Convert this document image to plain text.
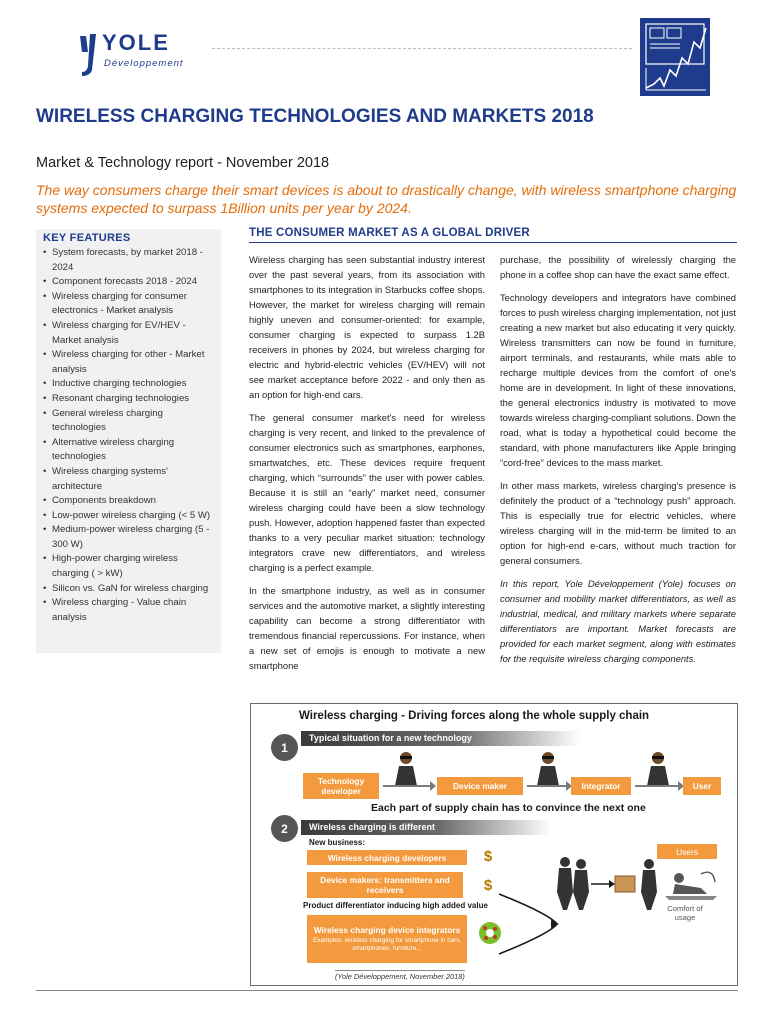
YOLE
Développement
WIRELESS CHARGING TECHNOLOGIES AND MARKETS 2018
Market & Technology report - November 2018
The way consumers charge their smart devices is about to drastically change, with wireless smartphone charging systems expected to surpass 1Billion units per year by 2024.
KEY FEATURES
• System forecasts, by market 2018 - 2024
• Component forecasts 2018 - 2024
• Wireless charging for consumer electronics - Market analysis
• Wireless charging for EV/HEV - Market analysis
• Wireless charging for other - Market analysis
• Inductive charging technologies
• Resonant charging technologies
• General wireless charging technologies
• Alternative wireless charging technologies
• Wireless charging systems' architecture
• Components breakdown
• Low-power wireless charging (< 5 W)
• Medium-power wireless charging (5 - 300 W)
• High-power charging wireless charging ( > kW)
• Silicon vs. GaN for wireless charging
• Wireless charging - Value chain analysis
THE CONSUMER MARKET AS A GLOBAL DRIVER

Wireless charging has seen substantial industry interest over the past several years, from its association with smartphones to its integration in Starbucks coffee shops. However, the market for wireless charging will remain highly uneven and consumer-oriented: for example, consumer charging is expected to surpass 1.2B receivers in phones by 2024, but wireless charging for electric and hybrid-electric vehicles (EV/HEV) will not see market acceptance before 2022 - and only then as an option for high-end cars.

The general consumer market's need for wireless charging is very recent, and linked to the prevalence of consumer electronics such as smartphones, earphones, smartwatches, etc. These devices require frequent charging, which “surrounds” the user with power cables. Because it is still an “early” market need, consumer wireless charging could have been a slow technology push. However, adoption happened faster than expected thanks to a very peculiar market situation: technology integrators crave new differentiators, and wireless charging is a perfect example.

In the smartphone industry, as well as in consumer services and the automotive market, a slightly interesting capability can become a strong differentiator with tremendous financial repercussions. For instance, when a new set of emojis is enough to motivate a new smartphone

purchase, the possibility of wirelessly charging the phone in a coffee shop can have the exact same effect.

Technology developers and integrators have combined forces to push wireless charging implementation, not just creating a new market but also educating it very quickly. Wireless transmitters can now be found in furniture, airport terminals, and restaurants, while mats able to recharge multiple devices from the comfort of one's home are in development. In light of these innovations, the general electronics industry is motivated to move towards wireless charging-compliant solutions. Down the road, what is today a hypothetical could become the standard, with phone manufacturers like Apple bringing “cord-free” devices to the mass market.

In other mass markets, wireless charging's presence is definitely the product of a “technology push” approach. This is especially true for electric vehicles, where wireless charging will in the mid-term be limited to an option for high-end e-cars, without much traction for general consumers.

In this report, Yole Développement (Yole) focuses on consumer and mobility market differentiators, as well as industrial, medical, and military markets where separate differentiators are important. Market forecasts are provided for each market segment, along with estimates for the requisite wireless charging components.

Wireless charging - Driving forces along the whole supply chain
1
Typical situation for a new technology
Technology developer	Device maker	Integrator	User
Each part of supply chain has to convince the next one
2	Wireless charging is different
New business:
Wireless charging developers	$
Device makers: transmitters and receivers	$
Product differentiator inducing high added value
Wireless charging device integrators
Examples: wireless charging for smartphone in cars, smartphones, furniture...
Users
Comfort of usage
(Yole Développement, November 2018)
